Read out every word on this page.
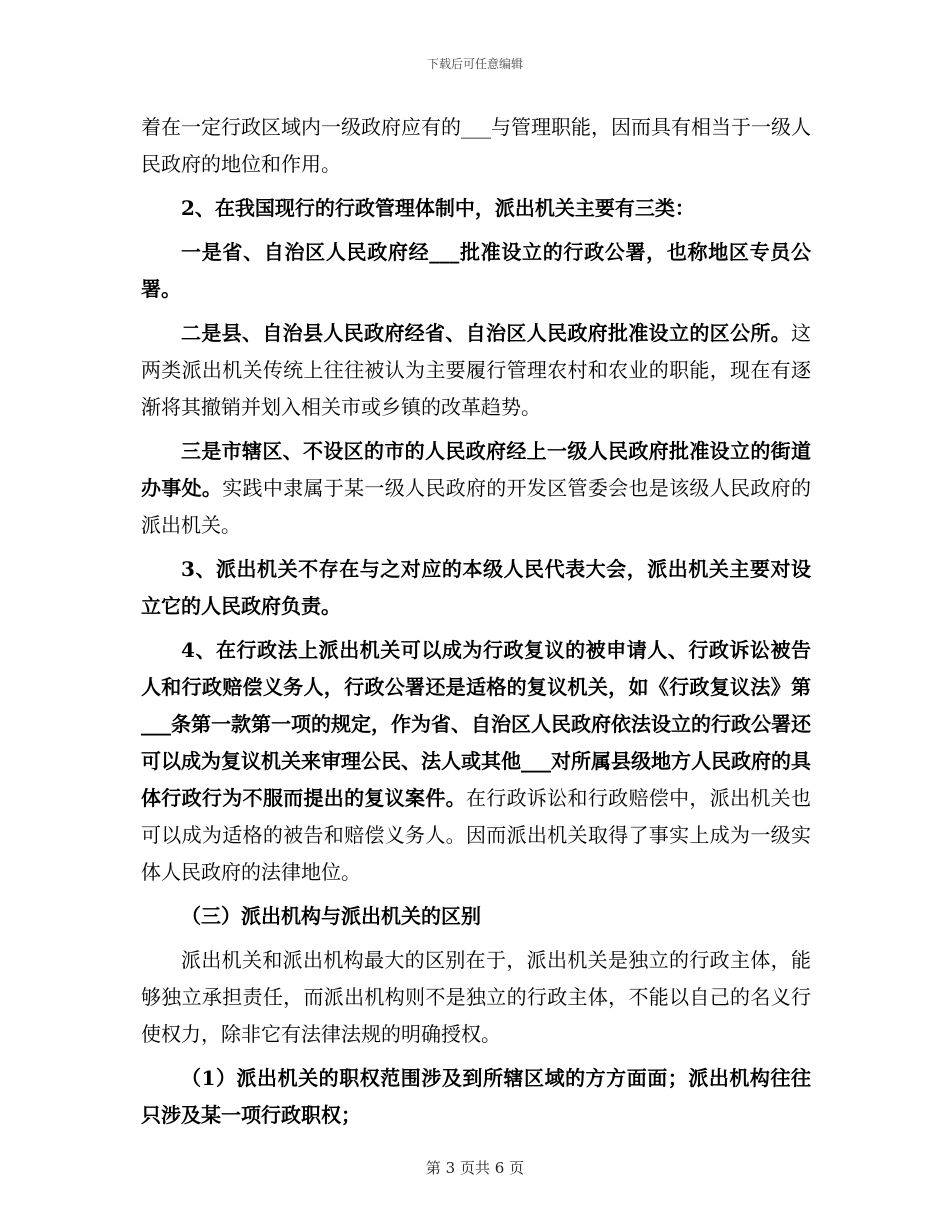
下载后可任意编辑

着在一定行政区域内一级政府应有的___与管理职能，因而具有相当于一级人民政府的地位和作用。

2、在我国现行的行政管理体制中，派出机关主要有三类：

一是省、自治区人民政府经___批准设立的行政公署，也称地区专员公署。

二是县、自治县人民政府经省、自治区人民政府批准设立的区公所。这两类派出机关传统上往往被认为主要履行管理农村和农业的职能，现在有逐渐将其撤销并划入相关市或乡镇的改革趋势。

三是市辖区、不设区的市的人民政府经上一级人民政府批准设立的街道办事处。实践中隶属于某一级人民政府的开发区管委会也是该级人民政府的派出机关。

3、派出机关不存在与之对应的本级人民代表大会，派出机关主要对设立它的人民政府负责。

4、在行政法上派出机关可以成为行政复议的被申请人、行政诉讼被告人和行政赔偿义务人，行政公署还是适格的复议机关，如《行政复议法》第___条第一款第一项的规定，作为省、自治区人民政府依法设立的行政公署还可以成为复议机关来审理公民、法人或其他___对所属县级地方人民政府的具体行政行为不服而提出的复议案件。在行政诉讼和行政赔偿中，派出机关也可以成为适格的被告和赔偿义务人。因而派出机关取得了事实上成为一级实体人民政府的法律地位。

（三）派出机构与派出机关的区别

派出机关和派出机构最大的区别在于，派出机关是独立的行政主体，能够独立承担责任，而派出机构则不是独立的行政主体，不能以自己的名义行使权力，除非它有法律法规的明确授权。

（1）派出机关的职权范围涉及到所辖区域的方方面面；派出机构往往只涉及某一项行政职权；

第 3 页共 6 页
